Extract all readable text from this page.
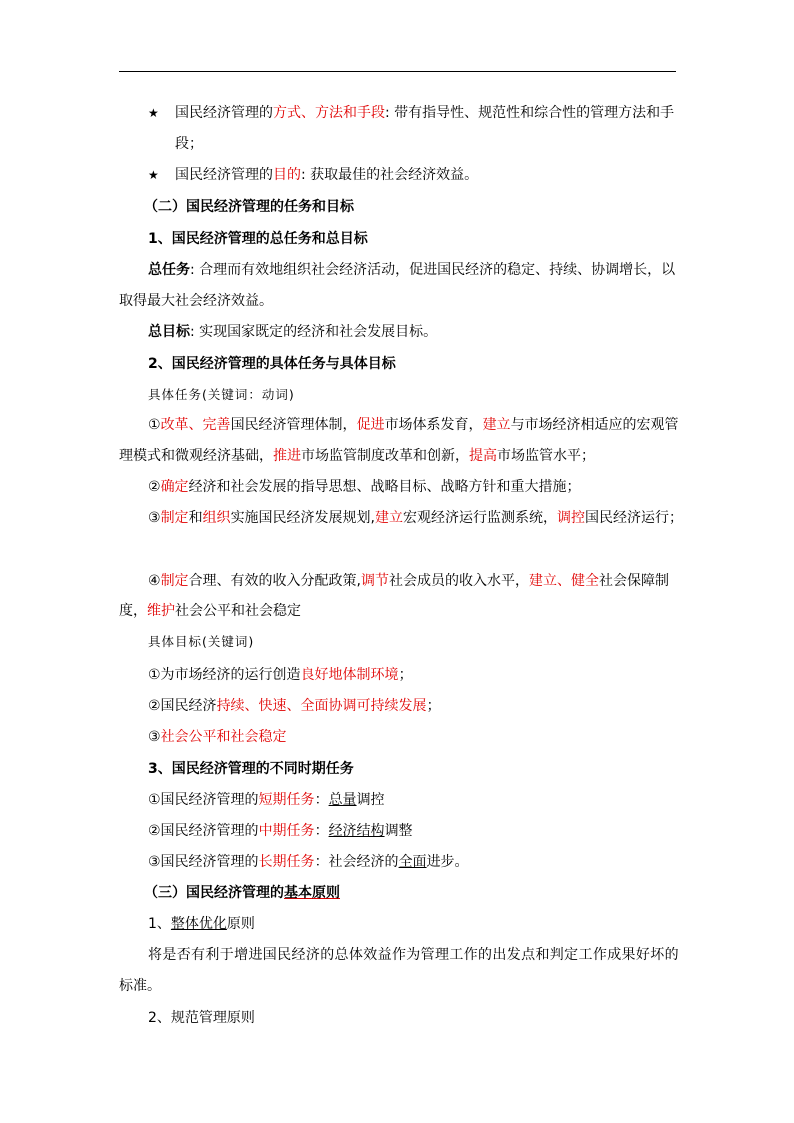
★ 国民经济管理的方式、方法和手段: 带有指导性、规范性和综合性的管理方法和手
段；
★ 国民经济管理的目的: 获取最佳的社会经济效益。
（二）国民经济管理的任务和目标
1、国民经济管理的总任务和总目标
总任务: 合理而有效地组织社会经济活动，促进国民经济的稳定、持续、协调增长，以
取得最大社会经济效益。
总目标: 实现国家既定的经济和社会发展目标。
2、国民经济管理的具体任务与具体目标
具体任务(关键词：动词)
①改革、完善国民经济管理体制，促进市场体系发育，建立与市场经济相适应的宏观管
理模式和微观经济基础，推进市场监管制度改革和创新，提高市场监管水平；
②确定经济和社会发展的指导思想、战略目标、战略方针和重大措施；
③制定和组织实施国民经济发展规划,建立宏观经济运行监测系统，调控国民经济运行；
④制定合理、有效的收入分配政策,调节社会成员的收入水平，建立、健全社会保障制
度，维护社会公平和社会稳定
具体目标(关键词)
①为市场经济的运行创造良好地体制环境；
②国民经济持续、快速、全面协调可持续发展；
③社会公平和社会稳定
3、国民经济管理的不同时期任务
①国民经济管理的短期任务：总量调控
②国民经济管理的中期任务：经济结构调整
③国民经济管理的长期任务：社会经济的全面进步。
（三）国民经济管理的基本原则
1、整体优化原则
将是否有利于增进国民经济的总体效益作为管理工作的出发点和判定工作成果好坏的
标准。
2、规范管理原则
